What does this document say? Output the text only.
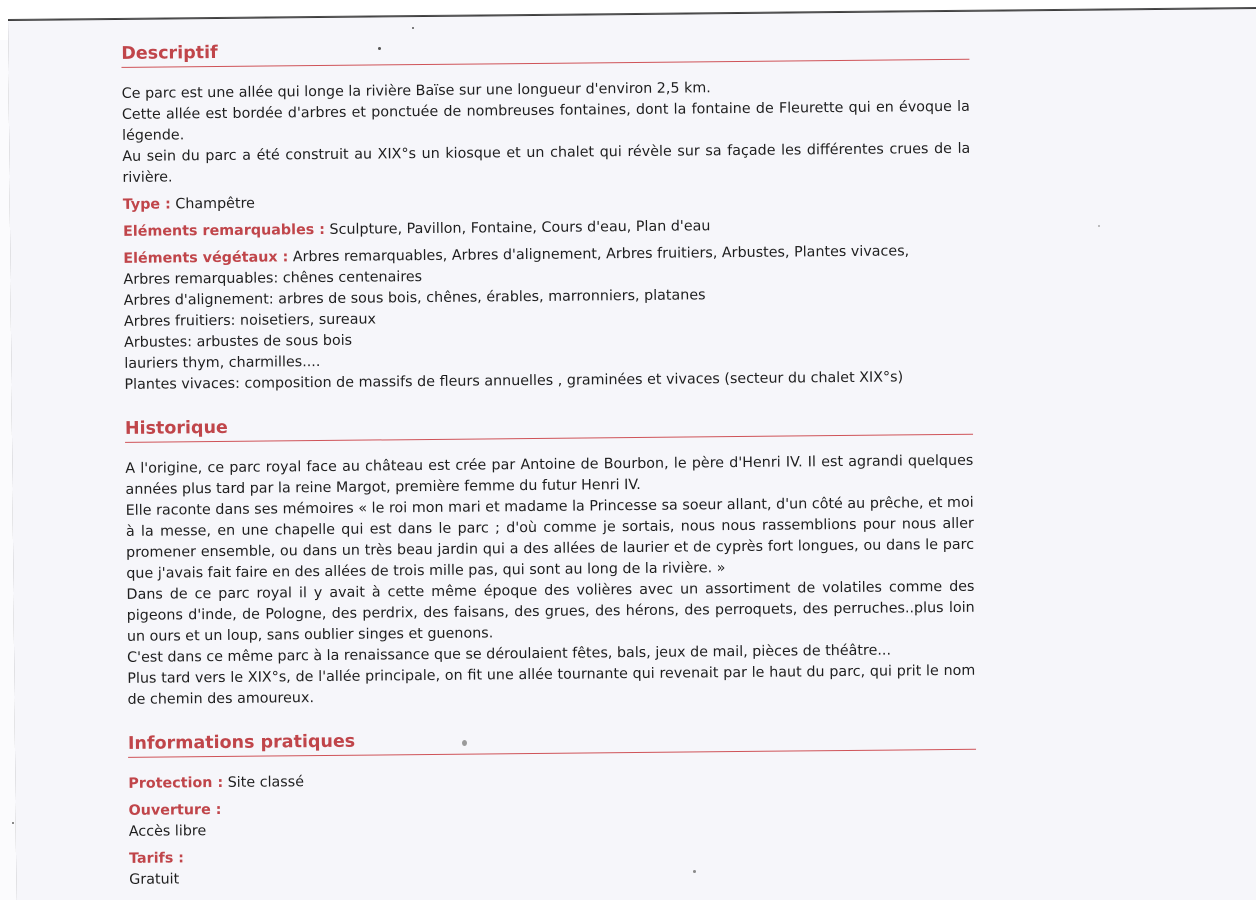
Descriptif

Ce parc est une allée qui longe la rivière Baïse sur une longueur d'environ 2,5 km.

Cette allée est bordée d'arbres et ponctuée de nombreuses fontaines, dont la fontaine de Fleurette qui en évoque la légende.

Au sein du parc a été construit au XIX°s un kiosque et un chalet qui révèle sur sa façade les différentes crues de la rivière.

Type : Champêtre
Eléments remarquables : Sculpture, Pavillon, Fontaine, Cours d'eau, Plan d'eau
Eléments végétaux : Arbres remarquables, Arbres d'alignement, Arbres fruitiers, Arbustes, Plantes vivaces,
Arbres remarquables: chênes centenaires
Arbres d'alignement: arbres de sous bois, chênes, érables, marronniers, platanes
Arbres fruitiers: noisetiers, sureaux
Arbustes: arbustes de sous bois
lauriers thym, charmilles....
Plantes vivaces: composition de massifs de fleurs annuelles , graminées et vivaces (secteur du chalet XIX°s)
Historique

A l'origine, ce parc royal face au château est crée par Antoine de Bourbon, le père d'Henri IV. Il est agrandi quelques années plus tard par la reine Margot, première femme du futur Henri IV.

Elle raconte dans ses mémoires « le roi mon mari et madame la Princesse sa soeur allant, d'un côté au prêche, et moi à la messe, en une chapelle qui est dans le parc ; d'où comme je sortais, nous nous rassemblions pour nous aller promener ensemble, ou dans un très beau jardin qui a des allées de laurier et de cyprès fort longues, ou dans le parc que j'avais fait faire en des allées de trois mille pas, qui sont au long de la rivière. »

Dans de ce parc royal il y avait à cette même époque des volières avec un assortiment de volatiles comme des pigeons d'inde, de Pologne, des perdrix, des faisans, des grues, des hérons, des perroquets, des perruches..plus loin un ours et un loup, sans oublier singes et guenons.

C'est dans ce même parc à la renaissance que se déroulaient fêtes, bals, jeux de mail, pièces de théâtre...

Plus tard vers le XIX°s, de l'allée principale, on fit une allée tournante qui revenait par le haut du parc, qui prit le nom de chemin des amoureux.

Informations pratiques
Protection : Site classé
Ouverture :
Accès libre
Tarifs :
Gratuit
